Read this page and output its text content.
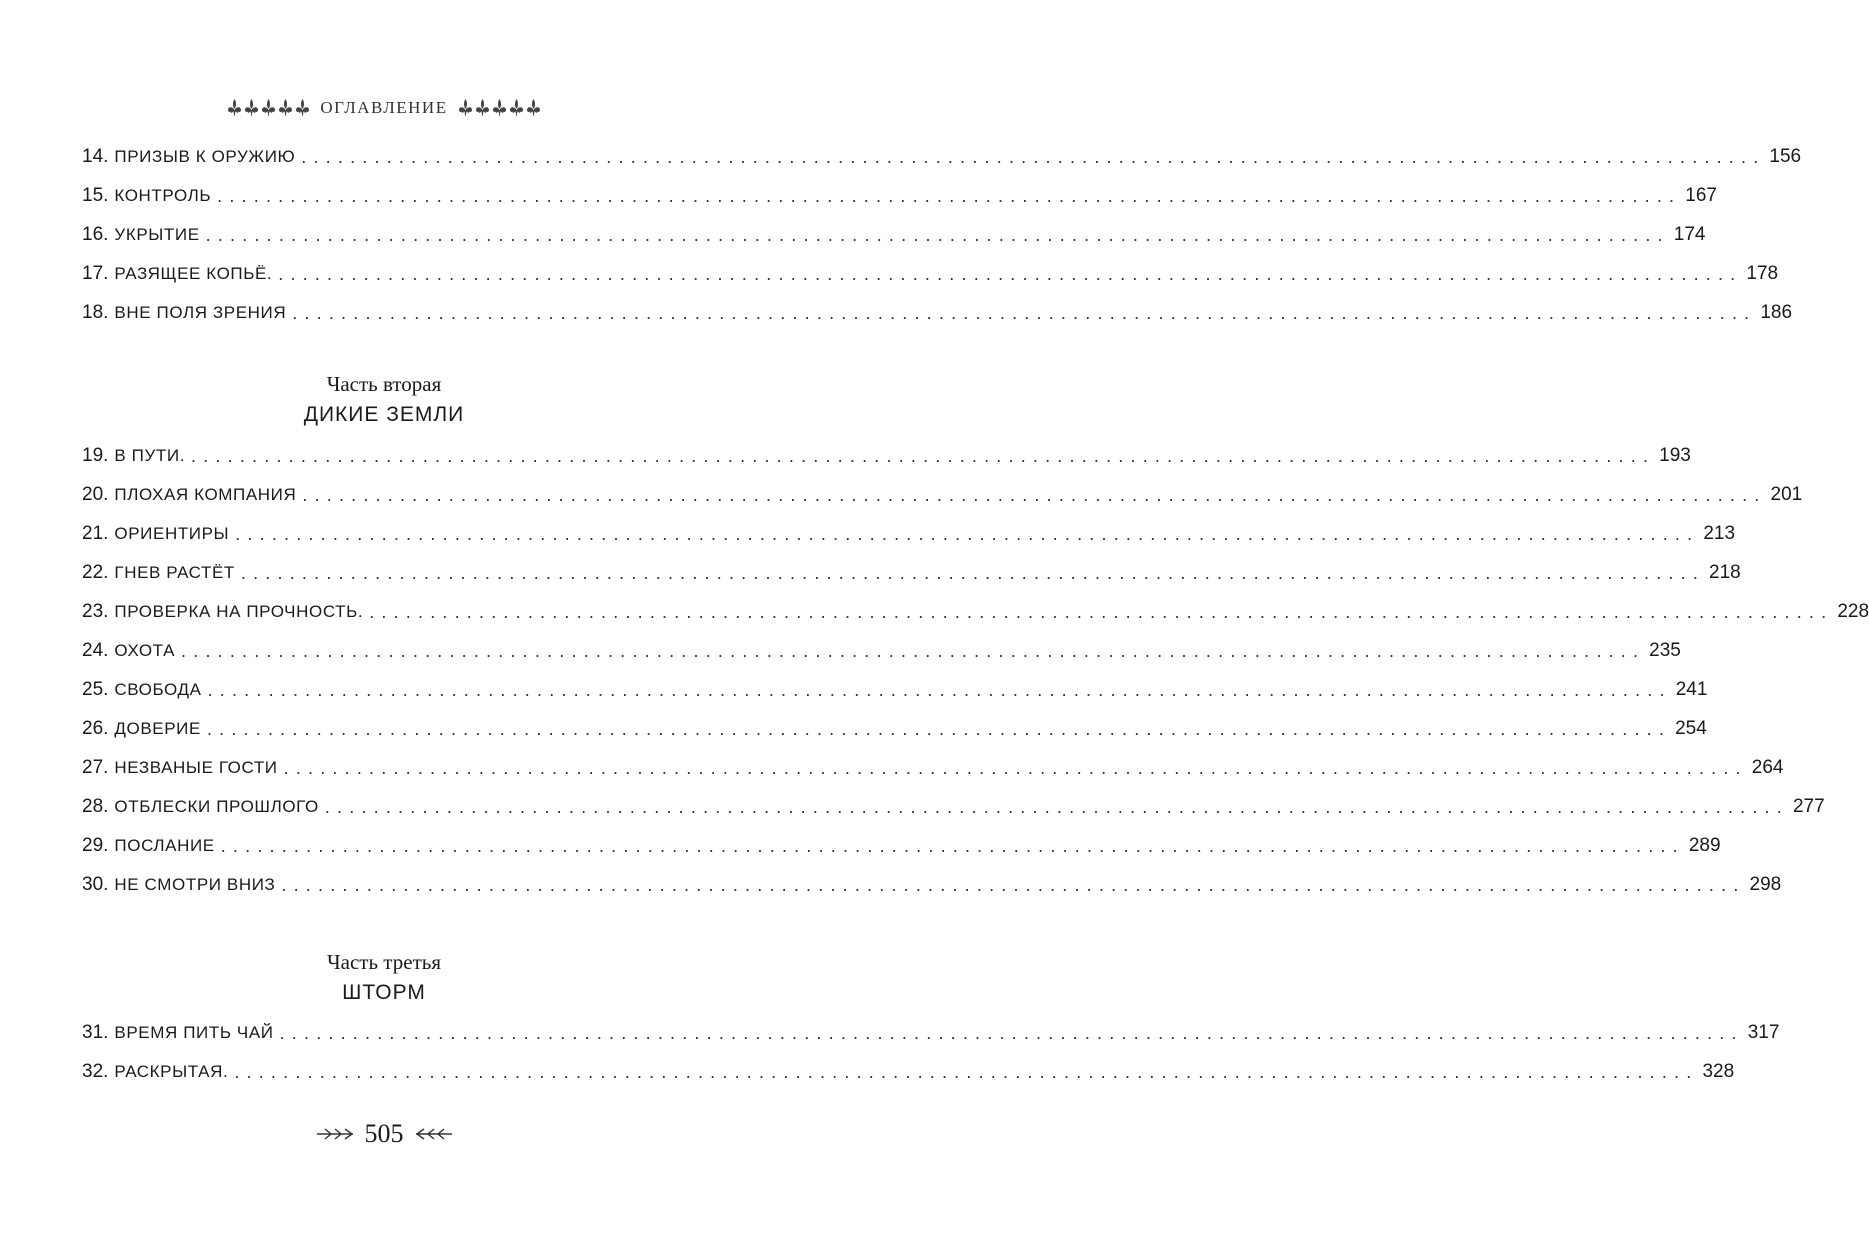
ОГЛАВЛЕНИЕ
14. ПРИЗЫВ К ОРУЖИЮ ........................................................................................................................ 156
15. КОНТРОЛЬ ........................................................................................................................ 167
16. УКРЫТИЕ ........................................................................................................................ 174
17. РАЗЯЩЕЕ КОПЬЁ. ........................................................................................................................ 178
18. ВНЕ ПОЛЯ ЗРЕНИЯ ........................................................................................................................ 186
Часть вторая
ДИКИЕ ЗЕМЛИ
19. В ПУТИ. ........................................................................................................................ 193
20. ПЛОХАЯ КОМПАНИЯ ........................................................................................................................ 201
21. ОРИЕНТИРЫ ........................................................................................................................ 213
22. ГНЕВ РАСТЁТ ........................................................................................................................ 218
23. ПРОВЕРКА НА ПРОЧНОСТЬ. ........................................................................................................................ 228
24. ОХОТА ........................................................................................................................ 235
25. СВОБОДА ........................................................................................................................ 241
26. ДОВЕРИЕ ........................................................................................................................ 254
27. НЕЗВАНЫЕ ГОСТИ ........................................................................................................................ 264
28. ОТБЛЕСКИ ПРОШЛОГО ........................................................................................................................ 277
29. ПОСЛАНИЕ ........................................................................................................................ 289
30. НЕ СМОТРИ ВНИЗ ........................................................................................................................ 298
Часть третья
ШТОРМ
31. ВРЕМЯ ПИТЬ ЧАЙ ........................................................................................................................ 317
32. РАСКРЫТАЯ. ........................................................................................................................ 328
505
